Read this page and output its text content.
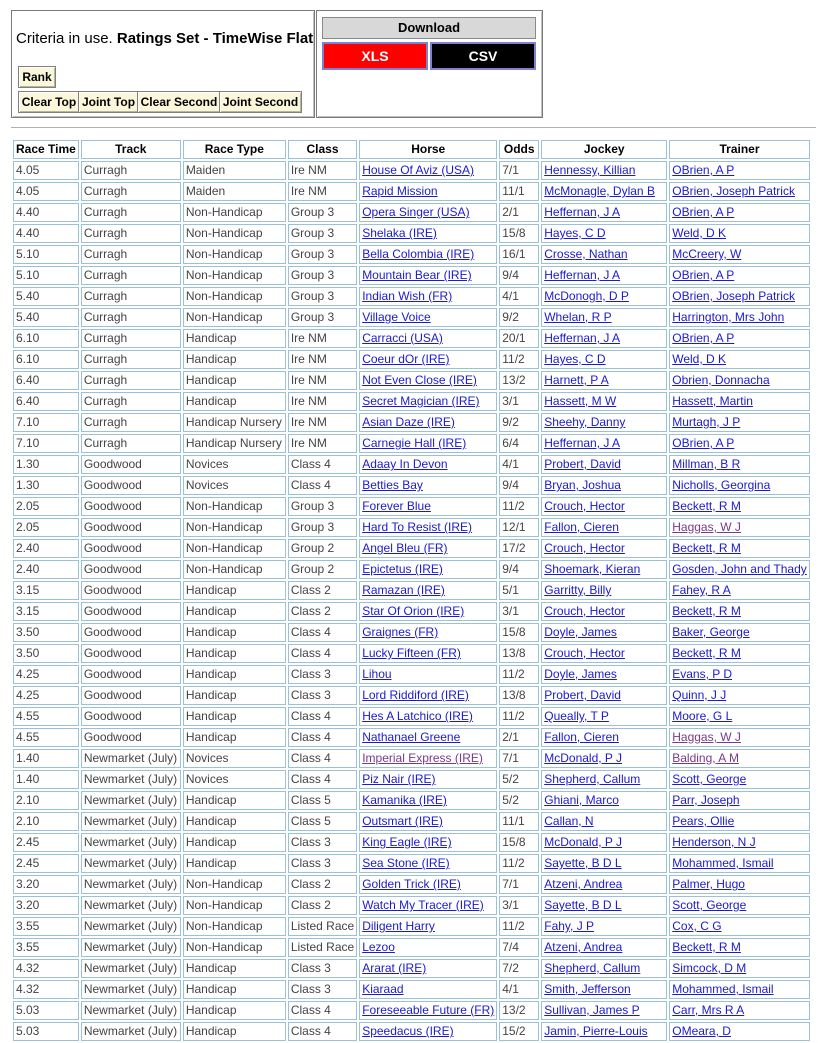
Criteria in use. Ratings Set - TimeWise Flat
Rank
Clear Top Joint Top Clear Second Joint Second
Download
XLS	CSV
Race Time	Track	Race Type	Class	Horse	Odds	Jockey	Trainer
4.05	Curragh	Maiden	Ire NM	House Of Aviz (USA)	7/1	Hennessy, Killian	OBrien, A P
4.05	Curragh	Maiden	Ire NM	Rapid Mission	11/1	McMonagle, Dylan B	OBrien, Joseph Patrick
4.40	Curragh	Non-Handicap	Group 3	Opera Singer (USA)	2/1	Heffernan, J A	OBrien, A P
4.40	Curragh	Non-Handicap	Group 3	Shelaka (IRE)	15/8	Hayes, C D	Weld, D K
5.10	Curragh	Non-Handicap	Group 3	Bella Colombia (IRE)	16/1	Crosse, Nathan	McCreery, W
5.10	Curragh	Non-Handicap	Group 3	Mountain Bear (IRE)	9/4	Heffernan, J A	OBrien, A P
5.40	Curragh	Non-Handicap	Group 3	Indian Wish (FR)	4/1	McDonogh, D P	OBrien, Joseph Patrick
5.40	Curragh	Non-Handicap	Group 3	Village Voice	9/2	Whelan, R P	Harrington, Mrs John
6.10	Curragh	Handicap	Ire NM	Carracci (USA)	20/1	Heffernan, J A	OBrien, A P
6.10	Curragh	Handicap	Ire NM	Coeur dOr (IRE)	11/2	Hayes, C D	Weld, D K
6.40	Curragh	Handicap	Ire NM	Not Even Close (IRE)	13/2	Harnett, P A	Obrien, Donnacha
6.40	Curragh	Handicap	Ire NM	Secret Magician (IRE)	3/1	Hassett, M W	Hassett, Martin
7.10	Curragh	Handicap Nursery	Ire NM	Asian Daze (IRE)	9/2	Sheehy, Danny	Murtagh, J P
7.10	Curragh	Handicap Nursery	Ire NM	Carnegie Hall (IRE)	6/4	Heffernan, J A	OBrien, A P
1.30	Goodwood	Novices	Class 4	Adaay In Devon	4/1	Probert, David	Millman, B R
1.30	Goodwood	Novices	Class 4	Betties Bay	9/4	Bryan, Joshua	Nicholls, Georgina
2.05	Goodwood	Non-Handicap	Group 3	Forever Blue	11/2	Crouch, Hector	Beckett, R M
2.05	Goodwood	Non-Handicap	Group 3	Hard To Resist (IRE)	12/1	Fallon, Cieren	Haggas, W J
2.40	Goodwood	Non-Handicap	Group 2	Angel Bleu (FR)	17/2	Crouch, Hector	Beckett, R M
2.40	Goodwood	Non-Handicap	Group 2	Epictetus (IRE)	9/4	Shoemark, Kieran	Gosden, John and Thady
3.15	Goodwood	Handicap	Class 2	Ramazan (IRE)	5/1	Garritty, Billy	Fahey, R A
3.15	Goodwood	Handicap	Class 2	Star Of Orion (IRE)	3/1	Crouch, Hector	Beckett, R M
3.50	Goodwood	Handicap	Class 4	Graignes (FR)	15/8	Doyle, James	Baker, George
3.50	Goodwood	Handicap	Class 4	Lucky Fifteen (FR)	13/8	Crouch, Hector	Beckett, R M
4.25	Goodwood	Handicap	Class 3	Lihou	11/2	Doyle, James	Evans, P D
4.25	Goodwood	Handicap	Class 3	Lord Riddiford (IRE)	13/8	Probert, David	Quinn, J J
4.55	Goodwood	Handicap	Class 4	Hes A Latchico (IRE)	11/2	Queally, T P	Moore, G L
4.55	Goodwood	Handicap	Class 4	Nathanael Greene	2/1	Fallon, Cieren	Haggas, W J
1.40	Newmarket (July)	Novices	Class 4	Imperial Express (IRE)	7/1	McDonald, P J	Balding, A M
1.40	Newmarket (July)	Novices	Class 4	Piz Nair (IRE)	5/2	Shepherd, Callum	Scott, George
2.10	Newmarket (July)	Handicap	Class 5	Kamanika (IRE)	5/2	Ghiani, Marco	Parr, Joseph
2.10	Newmarket (July)	Handicap	Class 5	Outsmart (IRE)	11/1	Callan, N	Pears, Ollie
2.45	Newmarket (July)	Handicap	Class 3	King Eagle (IRE)	15/8	McDonald, P J	Henderson, N J
2.45	Newmarket (July)	Handicap	Class 3	Sea Stone (IRE)	11/2	Sayette, B D L	Mohammed, Ismail
3.20	Newmarket (July)	Non-Handicap	Class 2	Golden Trick (IRE)	7/1	Atzeni, Andrea	Palmer, Hugo
3.20	Newmarket (July)	Non-Handicap	Class 2	Watch My Tracer (IRE)	3/1	Sayette, B D L	Scott, George
3.55	Newmarket (July)	Non-Handicap	Listed Race	Diligent Harry	11/2	Fahy, J P	Cox, C G
3.55	Newmarket (July)	Non-Handicap	Listed Race	Lezoo	7/4	Atzeni, Andrea	Beckett, R M
4.32	Newmarket (July)	Handicap	Class 3	Ararat (IRE)	7/2	Shepherd, Callum	Simcock, D M
4.32	Newmarket (July)	Handicap	Class 3	Kiaraad	4/1	Smith, Jefferson	Mohammed, Ismail
5.03	Newmarket (July)	Handicap	Class 4	Foreseeable Future (FR)	13/2	Sullivan, James P	Carr, Mrs R A
5.03	Newmarket (July)	Handicap	Class 4	Speedacus (IRE)	15/2	Jamin, Pierre-Louis	OMeara, D
